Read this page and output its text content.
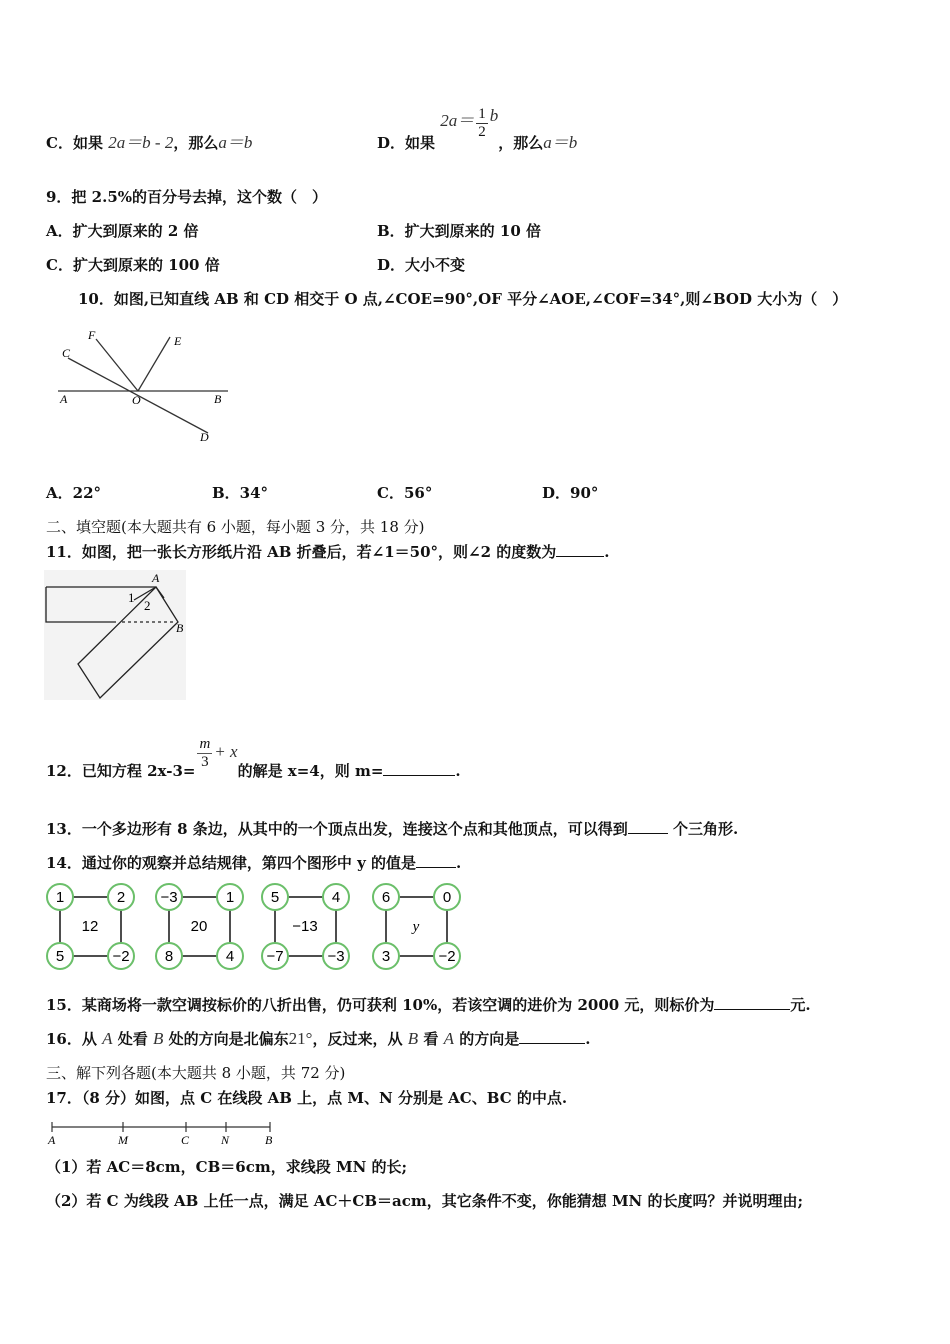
C．如果 2a＝b - 2，那么a＝b	D．如果 $2a= \frac{1}{2}$ b，那么a＝b
9．把 2.5%的百分号去掉，这个数（　）
A．扩大到原来的 2 倍	B．扩大到原来的 10 倍
C．扩大到原来的 100 倍	D．大小不变
10．如图,已知直线 AB 和 CD 相交于 O 点,∠COE=90°,OF 平分∠AOE,∠COF=34°,则∠BOD 大小为（　）
F	E
C
A	O	B
D
A．22°	B．34°	C．56°	D．90°
二、填空题(本大题共有 6 小题，每小题 3 分，共 18 分)
11．如图，把一张长方形纸片沿 AB 折叠后，若∠1＝50°，则∠2 的度数为	.
A
B
1
2
12．已知方程 $2x-3= \frac{m}{3} + x$的解是 x=4，则 m=	.
13．一个多边形有 8 条边，从其中的一个顶点出发，连接这个点和其他顶点，可以得到	个三角形.
14．通过你的观察并总结规律，第四个图形中 y 的值是	.
1	2
5	−2
12
−3	1
8	4
20
5	4
−7	−3
−13
6	0
3	−2
y
15．某商场将一款空调按标价的八折出售，仍可获利 10%，若该空调的进价为 2000 元，则标价为	元.
16．从 A 处看 B 处的方向是北偏东21°，反过来，从 B 看 A 的方向是	.
三、解下列各题(本大题共 8 小题，共 72 分)
17．（8 分）如图，点 C 在线段 AB 上，点 M、N 分别是 AC、BC 的中点.
A	M	C	N	B
（1）若 AC＝8cm，CB＝6cm，求线段 MN 的长;
（2）若 C 为线段 AB 上任一点，满足 AC＋CB＝acm，其它条件不变，你能猜想 MN 的长度吗？并说明理由;
